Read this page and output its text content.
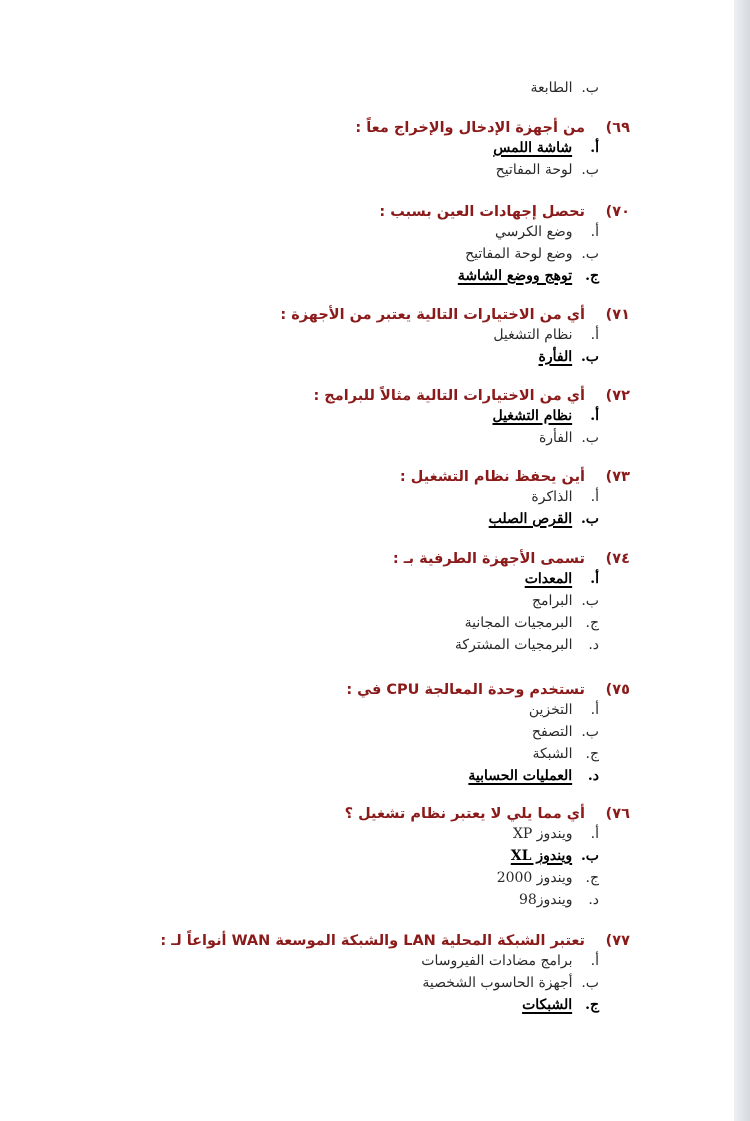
ب. الطابعة
٦٩)من أجهزة الإدخال والإخراج معاً :
أ. شاشة اللمس
ب. لوحة المفاتيح
٧٠)تحصل إجهادات العين بسبب :
أ. وضع الكرسي
ب. وضع لوحة المفاتيح
ج. توهج ووضع الشاشة
٧١)أي من الاختيارات التالية يعتبر من الأجهزة :
أ. نظام التشغيل
ب. الفأرة
٧٢)أي من الاختيارات التالية مثالاً للبرامج :
أ. نظام التشغيل
ب. الفأرة
٧٣)أين يحفظ نظام التشغيل :
أ. الذاكرة
ب. القرص الصلب
٧٤)تسمى الأجهزة الطرفية بـ :
أ. المعدات
ب. البرامج
ج. البرمجيات المجانية
د. البرمجيات المشتركة
٧٥)تستخدم وحدة المعالجة CPU في :
أ. التخزين
ب. التصفح
ج. الشبكة
د. العمليات الحسابية
٧٦)أي مما يلي لا يعتبر نظام تشغيل ؟
أ. ويندوز XP
ب. ويندوز XL
ج. ويندوز 2000
د. ويندوز98
٧٧)تعتبر الشبكة المحلية LAN والشبكة الموسعة WAN أنواعاً لـ :
أ. برامج مضادات الفيروسات
ب. أجهزة الحاسوب الشخصية
ج. الشبكات
